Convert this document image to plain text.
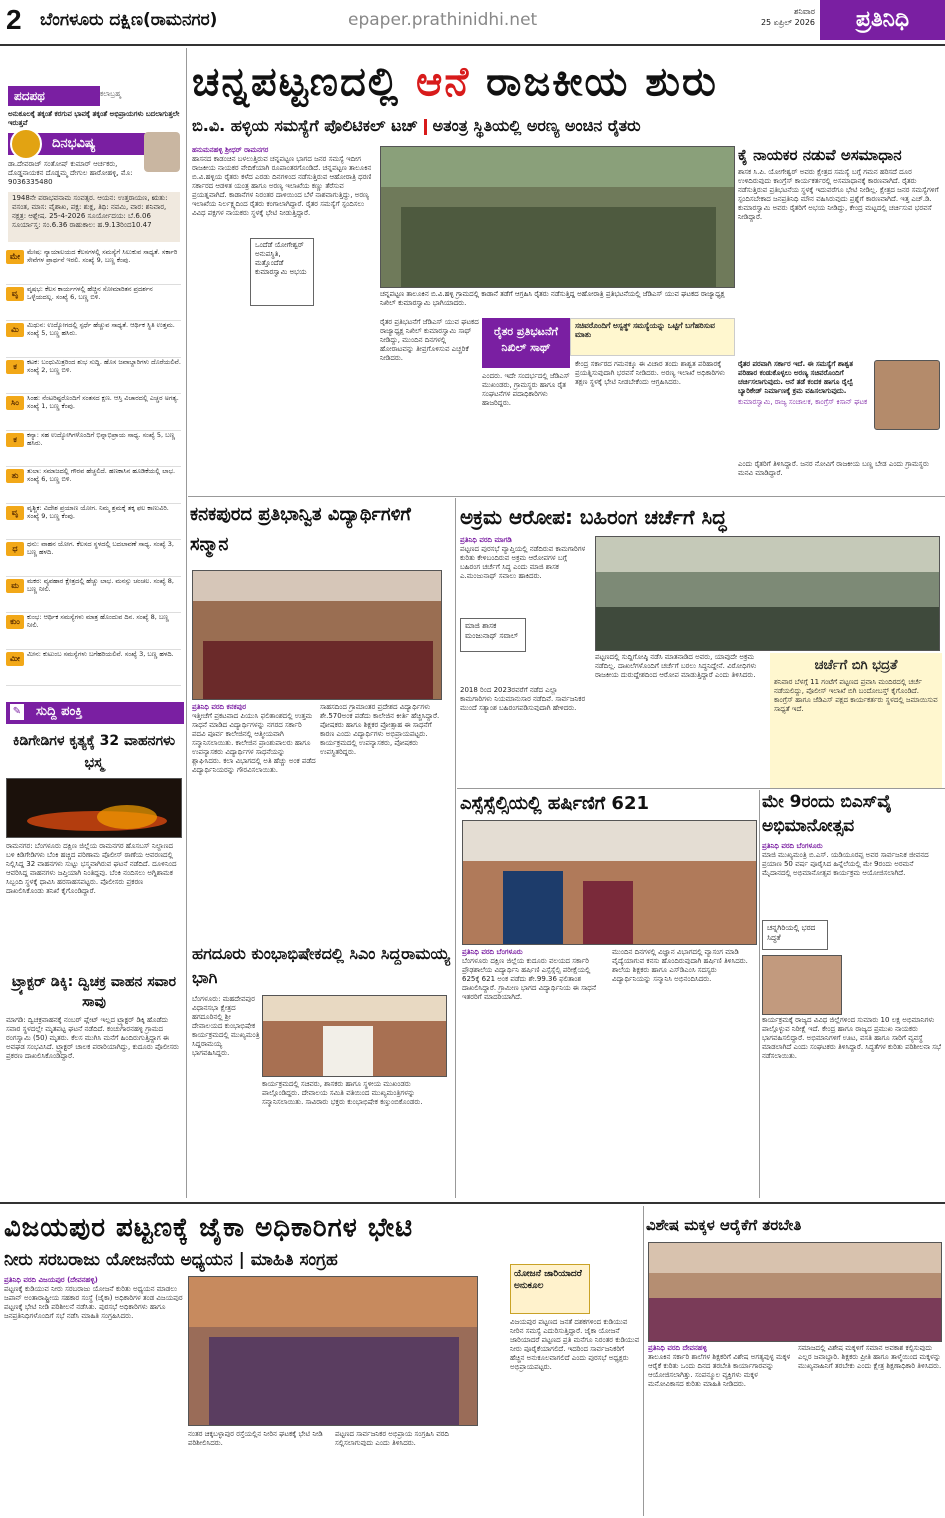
2 ಬೆಂಗಳೂರು ದಕ್ಷಿಣ(ರಾಮನಗರ)	epaper.prathinidhi.net	ಶನಿವಾರ
25 ಏಪ್ರಿಲ್ 2026	ಪ್ರತಿನಿಧಿ
ಪದಪಥ	ಕಲಾಬ್ರಹ್ಮ
ಅನುಕೂಲಕ್ಕೆ ತಕ್ಕಂತೆ ಕರಗುವ ಭಾವಕ್ಕೆ ತಕ್ಕಂತೆ ಅಭಿಪ್ರಾಯಗಳು ಬದಲಾಗುತ್ತಲೇ ಇರುತ್ತವೆ
ದಿನಭವಿಷ್ಯ
ಡಾ.ದೇವರಾಜ್ ಸಂತೋಷ್ ಕುಮಾರ್ ಆರ್ಚಕರು, ದೊಡ್ಡನಾಯಕನ ದೊಡ್ಡಮ್ಮ ದೇಗುಲ ಹಾರೋಹಳ್ಳಿ, ಮೊ: 9036335480
1948ನೇ ಪರಾಭವನಾಮ ಸಂವತ್ಸರ. ಆಯನ: ಉತ್ತರಾಯಣ, ಋತು: ವಸಂತ, ಮಾಸ: ವೈಶಾಖ, ಪಕ್ಷ: ಶುಕ್ಲ, ತಿಥಿ: ನವಮಿ, ವಾರ: ಶನಿವಾರ, ನಕ್ಷತ್ರ: ಆಶ್ಲೇಷ. 25-4-2026 ಸೂರ್ಯೋದಯ: ಬೆ.6.06 ಸೂರ್ಯಾಸ್ತ: ಸಂ.6.36 ರಾಹುಕಾಲ: ಹ.9.13ರಿಂದ10.47
ಮೇ	ಮೇಷ: ನ್ಯಾಯಾಲಯದ ಕೆಲಸಗಳಲ್ಲಿ ಸಮಸ್ಯೆಗೆ ಸಿಲುಕುವ ಸಾಧ್ಯತೆ. ಸರ್ಕಾರಿ ಸೇವೆಗಳ ಪ್ರಾರ್ಥನೆ ಇರಲಿ. ಸಂಖ್ಯೆ 9, ಬಣ್ಣ ಕೆಂಪು.
ವೃ	ವೃಷಭ: ಕೆಲಸ ಕಾರ್ಯಗಳಲ್ಲಿ ಹೆಚ್ಚಿನ ಸೋಮಾರಿತನ ಪ್ರದರ್ಶನ ಒಳ್ಳೆಯದಲ್ಲ. ಸಂಖ್ಯೆ 6, ಬಣ್ಣ ಬಿಳಿ.
ಮಿ	ಮಿಥುನ: ಉದ್ಯೋಗದಲ್ಲಿ ಸ್ಪರ್ಧೆ ಹೆಚ್ಚುವ ಸಾಧ್ಯತೆ. ಆರ್ಥಿಕ ಸ್ಥಿತಿ ಉತ್ತಮ. ಸಂಖ್ಯೆ 5, ಬಣ್ಣ ಹಸಿರು.
ಕ	ಕಟಕ: ಬಂಧುಮಿತ್ರರಿಂದ ಶುಭ ಸುದ್ದಿ. ಹೊಸ ಜವಾಬ್ದಾರಿಗಳು ದೊರೆಯಲಿವೆ. ಸಂಖ್ಯೆ 2, ಬಣ್ಣ ಬಿಳಿ.
ಸಿಂ	ಸಿಂಹ: ನೆಂಟರಿಷ್ಟರೊಂದಿಗೆ ಸಂತಸದ ಕ್ಷಣ. ಆಸ್ತಿ ವಿಚಾರದಲ್ಲಿ ಎಚ್ಚರ ಅಗತ್ಯ. ಸಂಖ್ಯೆ 1, ಬಣ್ಣ ಕೆಂಪು.
ಕ	ಕನ್ಯಾ: ಸಹ ಉದ್ಯೋಗಿಗಳೊಂದಿಗೆ ಭಿನ್ನಾಭಿಪ್ರಾಯ ಸಾಧ್ಯ. ಸಂಖ್ಯೆ 5, ಬಣ್ಣ ಹಸಿರು.
ತು	ತುಲಾ: ಸಮಾಜದಲ್ಲಿ ಗೌರವ ಹೆಚ್ಚಲಿದೆ. ಹಣಕಾಸಿನ ಹೂಡಿಕೆಯಲ್ಲಿ ಲಾಭ. ಸಂಖ್ಯೆ 6, ಬಣ್ಣ ಬಿಳಿ.
ವೃ	ವೃಶ್ಚಿಕ: ವಿದೇಶ ಪ್ರಯಾಣ ಯೋಗ. ನಿಮ್ಮ ಶ್ರಮಕ್ಕೆ ತಕ್ಕ ಫಲ ಕಾಣುವಿರಿ. ಸಂಖ್ಯೆ 9, ಬಣ್ಣ ಕೆಂಪು.
ಧ	ಧನು: ವಾಹನ ಯೋಗ. ಕೆಲಸದ ಸ್ಥಳದಲ್ಲಿ ಬದಲಾವಣೆ ಸಾಧ್ಯ. ಸಂಖ್ಯೆ 3, ಬಣ್ಣ ಹಳದಿ.
ಮ	ಮಕರ: ವ್ಯವಹಾರ ಕ್ಷೇತ್ರದಲ್ಲಿ ಹೆಚ್ಚು ಲಾಭ. ಮನಸ್ಸು ಚಂಚಲ. ಸಂಖ್ಯೆ 8, ಬಣ್ಣ ನೀಲಿ.
ಕುಂ	ಕುಂಭ: ಆರ್ಥಿಕ ಸಮಸ್ಯೆಗಳು ಮಾತ್ರ ಹೊಂದುವ ದಿನ. ಸಂಖ್ಯೆ 8, ಬಣ್ಣ ನೀಲಿ.
ಮೀ	ಮೀನ: ಕುಟುಂಬ ಸಮಸ್ಯೆಗಳು ಬಗೆಹರಿಯಲಿವೆ. ಸಂಖ್ಯೆ 3, ಬಣ್ಣ ಹಳದಿ.
ಸುದ್ದಿ ಪಂಕ್ತಿ
✎
ಕಿಡಿಗೇಡಿಗಳ ಕೃತ್ಯಕ್ಕೆ 32 ವಾಹನಗಳು ಭಸ್ಮ
ರಾಮನಗರ: ಬೆಂಗಳೂರು ದಕ್ಷಿಣ ಜಿಲ್ಲೆಯ ರಾಮನಗರ ಹೊಸಬಸ್ ನಿಲ್ದಾಣದ ಬಳಿ ಕಿಡಿಗೇಡಿಗಳು ಬೆಂಕಿ ಹಚ್ಚಿದ ಪರಿಣಾಮ ಪೊಲೀಸ್ ಠಾಣೆಯ ಆವರಣದಲ್ಲಿ ನಿಲ್ಲಿಸಿದ್ದ 32 ವಾಹನಗಳು ಸುಟ್ಟು ಭಸ್ಮವಾಗಿರುವ ಘಟನೆ ನಡೆದಿದೆ. ದೂಳಿನಿಂದ ಆವರಿಸಿದ್ದ ವಾಹನಗಳು ಜಪ್ತಿಯಾಗಿ ನಿಂತಿದ್ದವು. ಬೆಂಕಿ ನಂದಿಸಲು ಅಗ್ನಿಶಾಮಕ ಸಿಬ್ಬಂದಿ ಸ್ಥಳಕ್ಕೆ ಧಾವಿಸಿ ಹರಸಾಹಸಪಟ್ಟರು. ಪೊಲೀಸರು ಪ್ರಕರಣ ದಾಖಲಿಸಿಕೊಂಡು ತನಿಖೆ ಕೈಗೊಂಡಿದ್ದಾರೆ.
ಟ್ರ್ಯಾಕ್ಟರ್ ಡಿಕ್ಕಿ: ದ್ವಿಚಕ್ರ ವಾಹನ ಸವಾರ ಸಾವು
ಮಾಗಡಿ: ದ್ವಿಚಕ್ರವಾಹನಕ್ಕೆ ನಂಬರ್ ಪ್ಲೇಟ್ ಇಲ್ಲದ ಟ್ರ್ಯಾಕ್ಟರ್ ಡಿಕ್ಕಿ ಹೊಡೆದು ಸವಾರ ಸ್ಥಳದಲ್ಲೇ ಮೃತಪಟ್ಟ ಘಟನೆ ನಡೆದಿದೆ. ಕಂಚುಗಾರನಹಳ್ಳಿ ಗ್ರಾಮದ ರಂಗಸ್ವಾಮಿ (50) ಮೃತರು. ಕೆಲಸ ಮುಗಿಸಿ ಮನೆಗೆ ಹಿಂದಿರುಗುತ್ತಿದ್ದಾಗ ಈ ಅವಘಡ ಸಂಭವಿಸಿದೆ. ಟ್ರ್ಯಾಕ್ಟರ್ ಚಾಲಕ ಪರಾರಿಯಾಗಿದ್ದು, ಕುದೂರು ಪೊಲೀಸರು ಪ್ರಕರಣ ದಾಖಲಿಸಿಕೊಂಡಿದ್ದಾರೆ.
ಚನ್ನಪಟ್ಟಣದಲ್ಲಿ ಆನೆ ರಾಜಕೀಯ ಶುರು
ಬಿ.ವಿ. ಹಳ್ಳಿಯ ಸಮಸ್ಯೆಗೆ ಪೊಲಿಟಿಕಲ್ ಟಚ್ ಅತಂತ್ರ ಸ್ಥಿತಿಯಲ್ಲಿ ಅರಣ್ಯ ಅಂಚಿನ ರೈತರು
ಹನುಮನಹಳ್ಳಿ ಶ್ರೀಧರ್ ರಾಮನಗರ
ಹಾಸನದ ಕಾಡಂಚಿನ ಬಳಲುತ್ತಿರುವ ಚನ್ನಪಟ್ಟಣ ಭಾಗದ ಜನರ ಸಮಸ್ಯೆ ಇದೀಗ ರಾಜಕೀಯ ನಾಯಕರ ವೇದಿಕೆಯಾಗಿ ರೂಪಾಂತರಗೊಂಡಿದೆ. ಚನ್ನಪಟ್ಟಣ ತಾಲೂಕಿನ ಬಿ.ವಿ.ಹಳ್ಳಿಯ ರೈತರು ಕಳೆದ ಎರಡು ದಿನಗಳಿಂದ ನಡೆಸುತ್ತಿರುವ ಆಹೋರಾತ್ರಿ ಧರಣಿ ಸರ್ಕಾರದ ಆಡಳಿತ ಯಂತ್ರ ಹಾಗೂ ಅರಣ್ಯ ಇಲಾಖೆಯ ಕಣ್ಣು ತೆರೆಸುವ ಪ್ರಯತ್ನವಾಗಿದೆ. ಕಾಡಾನೆಗಳ ನಿರಂತರ ದಾಳಿಯಿಂದ ಬೆಳೆ ನಾಶವಾಗುತ್ತಿದ್ದು, ಅರಣ್ಯ ಇಲಾಖೆಯ ನಿರ್ಲಕ್ಷ್ಯದಿಂದ ರೈತರು ಕಂಗಾಲಾಗಿದ್ದಾರೆ. ರೈತರ ಸಮಸ್ಯೆಗೆ ಸ್ಪಂದಿಸಲು ವಿವಿಧ ಪಕ್ಷಗಳ ನಾಯಕರು ಸ್ಥಳಕ್ಕೆ ಭೇಟಿ ನೀಡುತ್ತಿದ್ದಾರೆ.
ಒಂದೆಡೆ ಯೋಗೇಶ್ವರ್ ಅನುಪಸ್ಥಿತಿ, ಮತ್ತೊಂದೆಡೆ ಕುಮಾರಸ್ವಾಮಿ ಅಭಯ
ಚನ್ನಪಟ್ಟಣ ತಾಲೂಕಿನ ಬಿ.ವಿ.ಹಳ್ಳಿ ಗ್ರಾಮದಲ್ಲಿ ಕಾಡಾನೆ ತಡೆಗೆ ಆಗ್ರಹಿಸಿ ರೈತರು ನಡೆಸುತ್ತಿದ್ದ ಅಹೋರಾತ್ರಿ ಪ್ರತಿಭಟನೆಯಲ್ಲಿ ಜೆಡಿಎಸ್ ಯುವ ಘಟಕದ ರಾಜ್ಯಾಧ್ಯಕ್ಷ ನಿಖಿಲ್ ಕುಮಾರಸ್ವಾಮಿ ಭಾಗಿಯಾದರು.
ರೈತರ ಪ್ರತಿಭಟನೆಗೆ ಜೆಡಿಎಸ್ ಯುವ ಘಟಕದ ರಾಜ್ಯಾಧ್ಯಕ್ಷ ನಿಖಿಲ್ ಕುಮಾರಸ್ವಾಮಿ ಸಾಥ್ ನೀಡಿದ್ದು, ಮುಂದಿನ ದಿನಗಳಲ್ಲಿ ಹೋರಾಟವನ್ನು ತೀವ್ರಗೊಳಿಸುವ ಎಚ್ಚರಿಕೆ ನೀಡಿದರು.
ರೈತರ ಪ್ರತಿಭಟನೆಗೆ ನಿಖಿಲ್ ಸಾಥ್
ಸಚಿವರೊಂದಿಗೆ ಅಸ್ವತ್ಥ್ ಸಮಸ್ಯೆಯನ್ನು ಒಟ್ಟಿಗೆ ಬಗೆಹರಿಸುವ ಮಾತು
ಎಂದರು. ಇದೇ ಸಂದರ್ಭದಲ್ಲಿ ಜೆಡಿಎಸ್ ಮುಖಂಡರು, ಗ್ರಾಮಸ್ಥರು ಹಾಗೂ ರೈತ ಸಂಘಟನೆಗಳ ಪದಾಧಿಕಾರಿಗಳು ಹಾಜರಿದ್ದರು.
ಕೇಂದ್ರ ಸರ್ಕಾರದ ಗಮನಕ್ಕೂ ಈ ವಿಚಾರ ತಂದು ಶಾಶ್ವತ ಪರಿಹಾರಕ್ಕೆ ಪ್ರಯತ್ನಿಸುವುದಾಗಿ ಭರವಸೆ ನೀಡಿದರು. ಅರಣ್ಯ ಇಲಾಖೆ ಅಧಿಕಾರಿಗಳು ತಕ್ಷಣ ಸ್ಥಳಕ್ಕೆ ಭೇಟಿ ನೀಡಬೇಕೆಂದು ಆಗ್ರಹಿಸಿದರು.
ಕೈ ನಾಯಕರ ನಡುವೆ ಅಸಮಾಧಾನ
ಶಾಸಕ ಸಿ.ಪಿ. ಯೋಗೇಶ್ವರ್ ಅವರು ಕ್ಷೇತ್ರದ ಸಮಸ್ಯೆ ಬಗ್ಗೆ ಗಮನ ಹರಿಸದೆ ದೂರ ಉಳಿದಿರುವುದು ಕಾಂಗ್ರೆಸ್ ಕಾರ್ಯಕರ್ತರಲ್ಲಿ ಅಸಮಾಧಾನಕ್ಕೆ ಕಾರಣವಾಗಿದೆ. ರೈತರು ನಡೆಸುತ್ತಿರುವ ಪ್ರತಿಭಟನೆಯ ಸ್ಥಳಕ್ಕೆ ಇದುವರೆಗೂ ಭೇಟಿ ನೀಡಿಲ್ಲ. ಕ್ಷೇತ್ರದ ಜನರ ಸಮಸ್ಯೆಗಳಿಗೆ ಸ್ಪಂದಿಸಬೇಕಾದ ಜನಪ್ರತಿನಿಧಿ ಮೌನ ವಹಿಸಿರುವುದು ಪ್ರಶ್ನೆಗೆ ಕಾರಣವಾಗಿದೆ. ಇತ್ತ ಎಚ್.ಡಿ. ಕುಮಾರಸ್ವಾಮಿ ಅವರು ರೈತರಿಗೆ ಅಭಯ ನೀಡಿದ್ದು, ಕೇಂದ್ರ ಮಟ್ಟದಲ್ಲಿ ಚರ್ಚಿಸುವ ಭರವಸೆ ನೀಡಿದ್ದಾರೆ.
ರೈತರ ಪರವಾಗಿ ಸರ್ಕಾರ ಇದೆ. ಈ ಸಮಸ್ಯೆಗೆ ಶಾಶ್ವತ ಪರಿಹಾರ ಕಂಡುಕೊಳ್ಳಲು ಅರಣ್ಯ ಸಚಿವರೊಂದಿಗೆ ಚರ್ಚಿಸಲಾಗುವುದು. ಆನೆ ತಡೆ ಕಂದಕ ಹಾಗೂ ರೈಲ್ವೆ ಬ್ಯಾರಿಕೇಡ್ ನಿರ್ಮಾಣಕ್ಕೆ ಕ್ರಮ ವಹಿಸಲಾಗುವುದು.
ಕುಮಾರಸ್ವಾಮಿ, ರಾಜ್ಯ ಸಂಚಾಲಕ, ಕಾಂಗ್ರೆಸ್ ಕಿಸಾನ್ ಘಟಕ
ಎಂದು ರೈತರಿಗೆ ತಿಳಿಸಿದ್ದಾರೆ. ಜನರ ನೋವಿಗೆ ರಾಜಕೀಯ ಬಣ್ಣ ಬೇಡ ಎಂದು ಗ್ರಾಮಸ್ಥರು ಮನವಿ ಮಾಡಿದ್ದಾರೆ.
ಕನಕಪುರದ ಪ್ರತಿಭಾನ್ವಿತ ವಿದ್ಯಾರ್ಥಿಗಳಿಗೆ ಸನ್ಮಾನ
ಪ್ರತಿನಿಧಿ ವರದಿ ಕನಕಪುರ
ಇತ್ತೀಚೆಗೆ ಪ್ರಕಟವಾದ ಪಿಯುಸಿ ಫಲಿತಾಂಶದಲ್ಲಿ ಉತ್ತಮ ಸಾಧನೆ ಮಾಡಿದ ವಿದ್ಯಾರ್ಥಿಗಳನ್ನು ನಗರದ ಸರ್ಕಾರಿ ಪದವಿ ಪೂರ್ವ ಕಾಲೇಜಿನಲ್ಲಿ ಆತ್ಮೀಯವಾಗಿ ಸನ್ಮಾನಿಸಲಾಯಿತು. ಕಾಲೇಜಿನ ಪ್ರಾಂಶುಪಾಲರು ಹಾಗೂ ಉಪನ್ಯಾಸಕರು ವಿದ್ಯಾರ್ಥಿಗಳ ಸಾಧನೆಯನ್ನು ಶ್ಲಾಘಿಸಿದರು. ಕಲಾ ವಿಭಾಗದಲ್ಲಿ ಅತಿ ಹೆಚ್ಚು ಅಂಕ ಪಡೆದ ವಿದ್ಯಾರ್ಥಿನಿಯರನ್ನು ಗೌರವಿಸಲಾಯಿತು.
ಸಾಹಸದಿಂದ ಗ್ರಾಮಾಂತರ ಪ್ರದೇಶದ ವಿದ್ಯಾರ್ಥಿಗಳು ಶೇ.570ಅಂಕ ಪಡೆದು ಕಾಲೇಜಿನ ಕೀರ್ತಿ ಹೆಚ್ಚಿಸಿದ್ದಾರೆ. ಪೋಷಕರು ಹಾಗೂ ಶಿಕ್ಷಕರ ಪ್ರೋತ್ಸಾಹ ಈ ಸಾಧನೆಗೆ ಕಾರಣ ಎಂದು ವಿದ್ಯಾರ್ಥಿಗಳು ಅಭಿಪ್ರಾಯಪಟ್ಟರು. ಕಾರ್ಯಕ್ರಮದಲ್ಲಿ ಉಪನ್ಯಾಸಕರು, ಪೋಷಕರು ಉಪಸ್ಥಿತರಿದ್ದರು.
ಅಕ್ರಮ ಆರೋಪ: ಬಹಿರಂಗ ಚರ್ಚೆಗೆ ಸಿದ್ಧ
ಪ್ರತಿನಿಧಿ ವರದಿ ಮಾಗಡಿ
ಪಟ್ಟಣದ ಪುರಸಭೆ ವ್ಯಾಪ್ತಿಯಲ್ಲಿ ನಡೆದಿರುವ ಕಾಮಗಾರಿಗಳ ಕುರಿತು ಕೇಳಿಬಂದಿರುವ ಅಕ್ರಮ ಆರೋಪಗಳ ಬಗ್ಗೆ ಬಹಿರಂಗ ಚರ್ಚೆಗೆ ಸಿದ್ಧ ಎಂದು ಮಾಜಿ ಶಾಸಕ ಎ.ಮಂಜುನಾಥ್ ಸವಾಲು ಹಾಕಿದರು.
ಮಾಜಿ ಶಾಸಕ ಮಂಜುನಾಥ್ ಸವಾಲ್
2018 ರಿಂದ 2023ರವರೆಗೆ ನಡೆದ ಎಲ್ಲಾ ಕಾಮಗಾರಿಗಳು ನಿಯಮಾನುಸಾರ ನಡೆದಿವೆ. ಸಾರ್ವಜನಿಕರ ಮುಂದೆ ಸತ್ಯಾಂಶ ಬಹಿರಂಗಪಡಿಸುವುದಾಗಿ ಹೇಳಿದರು.
ಪಟ್ಟಣದಲ್ಲಿ ಸುದ್ದಿಗೋಷ್ಠಿ ನಡೆಸಿ ಮಾತನಾಡಿದ ಅವರು, ಯಾವುದೇ ಅಕ್ರಮ ನಡೆದಿಲ್ಲ. ದಾಖಲೆಗಳೊಂದಿಗೆ ಚರ್ಚೆಗೆ ಬರಲು ಸಿದ್ಧನಿದ್ದೇನೆ. ವಿರೋಧಿಗಳು ರಾಜಕೀಯ ದುರುದ್ದೇಶದಿಂದ ಆರೋಪ ಮಾಡುತ್ತಿದ್ದಾರೆ ಎಂದು ತಿಳಿಸಿದರು.
ಚರ್ಚೆಗೆ ಬಿಗಿ ಭದ್ರತೆ
ಶನಿವಾರ ಬೆಳಗ್ಗೆ 11 ಗಂಟೆಗೆ ಪಟ್ಟಣದ ಪ್ರವಾಸಿ ಮಂದಿರದಲ್ಲಿ ಚರ್ಚೆ ನಡೆಯಲಿದ್ದು, ಪೊಲೀಸ್ ಇಲಾಖೆ ಬಿಗಿ ಬಂದೋಬಸ್ತ್ ಕೈಗೊಂಡಿದೆ. ಕಾಂಗ್ರೆಸ್ ಹಾಗೂ ಜೆಡಿಎಸ್ ಪಕ್ಷದ ಕಾರ್ಯಕರ್ತರು ಸ್ಥಳದಲ್ಲಿ ಜಮಾಯಿಸುವ ಸಾಧ್ಯತೆ ಇದೆ.
ಎಸ್ಸೆಸ್ಸೆಲ್ಸಿಯಲ್ಲಿ ಹರ್ಷಿಣಿಗೆ 621
ಪ್ರತಿನಿಧಿ ವರದಿ ಬೆಂಗಳೂರು
ಬೆಂಗಳೂರು ದಕ್ಷಿಣ ಜಿಲ್ಲೆಯ ಕುದೂರು ವಲಯದ ಸರ್ಕಾರಿ ಪ್ರೌಢಶಾಲೆಯ ವಿದ್ಯಾರ್ಥಿನಿ ಹರ್ಷಿಣಿ ಎಸ್ಸೆಸ್ಸೆಲ್ಸಿ ಪರೀಕ್ಷೆಯಲ್ಲಿ 625ಕ್ಕೆ 621 ಅಂಕ ಪಡೆದು ಶೇ.99.36 ಫಲಿತಾಂಶ ದಾಖಲಿಸಿದ್ದಾರೆ. ಗ್ರಾಮೀಣ ಭಾಗದ ವಿದ್ಯಾರ್ಥಿನಿಯ ಈ ಸಾಧನೆ ಇತರರಿಗೆ ಮಾದರಿಯಾಗಿದೆ.
ಮುಂದಿನ ದಿನಗಳಲ್ಲಿ ವಿಜ್ಞಾನ ವಿಭಾಗದಲ್ಲಿ ವ್ಯಾಸಂಗ ಮಾಡಿ ವೈದ್ಯೆಯಾಗುವ ಕನಸು ಹೊಂದಿರುವುದಾಗಿ ಹರ್ಷಿಣಿ ತಿಳಿಸಿದರು. ಶಾಲೆಯ ಶಿಕ್ಷಕರು ಹಾಗೂ ಎಸ್‌ಡಿಎಂಸಿ ಸದಸ್ಯರು ವಿದ್ಯಾರ್ಥಿನಿಯನ್ನು ಸನ್ಮಾನಿಸಿ ಅಭಿನಂದಿಸಿದರು.
ಮೇ 9ರಂದು ಬಿಎಸ್‌ವೈ ಅಭಿಮಾನೋತ್ಸವ
ಪ್ರತಿನಿಧಿ ವರದಿ ಬೆಂಗಳೂರು
ಮಾಜಿ ಮುಖ್ಯಮಂತ್ರಿ ಬಿ.ಎಸ್. ಯಡಿಯೂರಪ್ಪ ಅವರ ಸಾರ್ವಜನಿಕ ಜೀವನದ ಪ್ರಯಾಣ 50 ವರ್ಷ ಪೂರೈಸಿದ ಹಿನ್ನೆಲೆಯಲ್ಲಿ ಮೇ 9ರಂದು ಅರಮನೆ ಮೈದಾನದಲ್ಲಿ ಅಭಿಮಾನೋತ್ಸವ ಕಾರ್ಯಕ್ರಮ ಆಯೋಜಿಸಲಾಗಿದೆ.
ಚನ್ನಗಿರಿಯಲ್ಲಿ ಭರದ ಸಿದ್ಧತೆ
ಕಾರ್ಯಕ್ರಮಕ್ಕೆ ರಾಜ್ಯದ ವಿವಿಧ ಜಿಲ್ಲೆಗಳಿಂದ ಸುಮಾರು 10 ಲಕ್ಷ ಅಭಿಮಾನಿಗಳು ಪಾಲ್ಗೊಳ್ಳುವ ನಿರೀಕ್ಷೆ ಇದೆ. ಕೇಂದ್ರ ಹಾಗೂ ರಾಜ್ಯದ ಪ್ರಮುಖ ನಾಯಕರು ಭಾಗವಹಿಸಲಿದ್ದಾರೆ. ಅಭಿಮಾನಿಗಳಿಗೆ ಊಟ, ವಸತಿ ಹಾಗೂ ಸಾರಿಗೆ ವ್ಯವಸ್ಥೆ ಮಾಡಲಾಗಿದೆ ಎಂದು ಸಂಘಟಕರು ತಿಳಿಸಿದ್ದಾರೆ. ಸಿದ್ಧತೆಗಳ ಕುರಿತು ಪರಿಶೀಲನಾ ಸಭೆ ನಡೆಸಲಾಯಿತು.
ಹಗದೂರು ಕುಂಭಾಭಿಷೇಕದಲ್ಲಿ ಸಿಎಂ ಸಿದ್ದರಾಮಯ್ಯ ಭಾಗಿ
ಬೆಂಗಳೂರು: ಮಹದೇವಪುರ ವಿಧಾನಸಭಾ ಕ್ಷೇತ್ರದ ಹಗದೂರಿನಲ್ಲಿ ಶ್ರೀ ದೇವಾಲಯದ ಕುಂಭಾಭಿಷೇಕ ಕಾರ್ಯಕ್ರಮದಲ್ಲಿ ಮುಖ್ಯಮಂತ್ರಿ ಸಿದ್ದರಾಮಯ್ಯ ಭಾಗವಹಿಸಿದ್ದರು.
ಕಾರ್ಯಕ್ರಮದಲ್ಲಿ ಸಚಿವರು, ಶಾಸಕರು ಹಾಗೂ ಸ್ಥಳೀಯ ಮುಖಂಡರು ಪಾಲ್ಗೊಂಡಿದ್ದರು. ದೇವಾಲಯ ಸಮಿತಿ ವತಿಯಿಂದ ಮುಖ್ಯಮಂತ್ರಿಗಳನ್ನು ಸನ್ಮಾನಿಸಲಾಯಿತು. ಸಾವಿರಾರು ಭಕ್ತರು ಕುಂಭಾಭಿಷೇಕ ಕಣ್ತುಂಬಿಕೊಂಡರು.
ವಿಜಯಪುರ ಪಟ್ಟಣಕ್ಕೆ ಜೈಕಾ ಅಧಿಕಾರಿಗಳ ಭೇಟಿ
ನೀರು ಸರಬರಾಜು ಯೋಜನೆಯ ಅಧ್ಯಯನ | ಮಾಹಿತಿ ಸಂಗ್ರಹ
ಪ್ರತಿನಿಧಿ ವರದಿ ವಿಜಯಪುರ (ದೇವನಹಳ್ಳಿ)
ಪಟ್ಟಣಕ್ಕೆ ಕುಡಿಯುವ ನೀರು ಸರಬರಾಜು ಯೋಜನೆ ಕುರಿತು ಅಧ್ಯಯನ ಮಾಡಲು ಜಪಾನ್ ಅಂತಾರಾಷ್ಟ್ರೀಯ ಸಹಕಾರ ಸಂಸ್ಥೆ (ಜೈಕಾ) ಅಧಿಕಾರಿಗಳ ತಂಡ ವಿಜಯಪುರ ಪಟ್ಟಣಕ್ಕೆ ಭೇಟಿ ನೀಡಿ ಪರಿಶೀಲನೆ ನಡೆಸಿತು. ಪುರಸಭೆ ಅಧಿಕಾರಿಗಳು ಹಾಗೂ ಜನಪ್ರತಿನಿಧಿಗಳೊಂದಿಗೆ ಸಭೆ ನಡೆಸಿ ಮಾಹಿತಿ ಸಂಗ್ರಹಿಸಿದರು.
ನಂತರ ಚಿಕ್ಕಬಳ್ಳಾಪುರ ರಸ್ತೆಯಲ್ಲಿನ ನೀರಿನ ಘಟಕಕ್ಕೆ ಭೇಟಿ ನೀಡಿ ಪರಿಶೀಲಿಸಿದರು.
ಪಟ್ಟಣದ ಸಾರ್ವಜನಿಕರ ಅಭಿಪ್ರಾಯ ಸಂಗ್ರಹಿಸಿ ವರದಿ ಸಲ್ಲಿಸಲಾಗುವುದು ಎಂದು ತಿಳಿಸಿದರು.
ಯೋಜನೆ ಜಾರಿಯಾದರೆ ಅನುಕೂಲ
ವಿಜಯಪುರ ಪಟ್ಟಣದ ಜನತೆ ದಶಕಗಳಿಂದ ಕುಡಿಯುವ ನೀರಿನ ಸಮಸ್ಯೆ ಎದುರಿಸುತ್ತಿದ್ದಾರೆ. ಜೈಕಾ ಯೋಜನೆ ಜಾರಿಯಾದರೆ ಪಟ್ಟಣದ ಪ್ರತಿ ಮನೆಗೂ ನಿರಂತರ ಕುಡಿಯುವ ನೀರು ಪೂರೈಕೆಯಾಗಲಿದೆ. ಇದರಿಂದ ಸಾರ್ವಜನಿಕರಿಗೆ ಹೆಚ್ಚಿನ ಅನುಕೂಲವಾಗಲಿದೆ ಎಂದು ಪುರಸಭೆ ಅಧ್ಯಕ್ಷರು ಅಭಿಪ್ರಾಯಪಟ್ಟರು.
ವಿಶೇಷ ಮಕ್ಕಳ ಆರೈಕೆಗೆ ತರಬೇತಿ
ಪ್ರತಿನಿಧಿ ವರದಿ ದೇವನಹಳ್ಳಿ
ತಾಲೂಕಿನ ಸರ್ಕಾರಿ ಶಾಲೆಗಳ ಶಿಕ್ಷಕರಿಗೆ ವಿಶೇಷ ಅಗತ್ಯವುಳ್ಳ ಮಕ್ಕಳ ಆರೈಕೆ ಕುರಿತು ಒಂದು ದಿನದ ತರಬೇತಿ ಕಾರ್ಯಾಗಾರವನ್ನು ಆಯೋಜಿಸಲಾಗಿತ್ತು. ಸಂಪನ್ಮೂಲ ವ್ಯಕ್ತಿಗಳು ಮಕ್ಕಳ ಮನೋವಿಕಾಸದ ಕುರಿತು ಮಾಹಿತಿ ನೀಡಿದರು.
ಸಮಾಜದಲ್ಲಿ ವಿಶೇಷ ಮಕ್ಕಳಿಗೆ ಸಮಾನ ಅವಕಾಶ ಕಲ್ಪಿಸುವುದು ಎಲ್ಲರ ಜವಾಬ್ದಾರಿ. ಶಿಕ್ಷಕರು ಪ್ರೀತಿ ಹಾಗೂ ತಾಳ್ಮೆಯಿಂದ ಮಕ್ಕಳನ್ನು ಮುಖ್ಯವಾಹಿನಿಗೆ ತರಬೇಕು ಎಂದು ಕ್ಷೇತ್ರ ಶಿಕ್ಷಣಾಧಿಕಾರಿ ತಿಳಿಸಿದರು.
